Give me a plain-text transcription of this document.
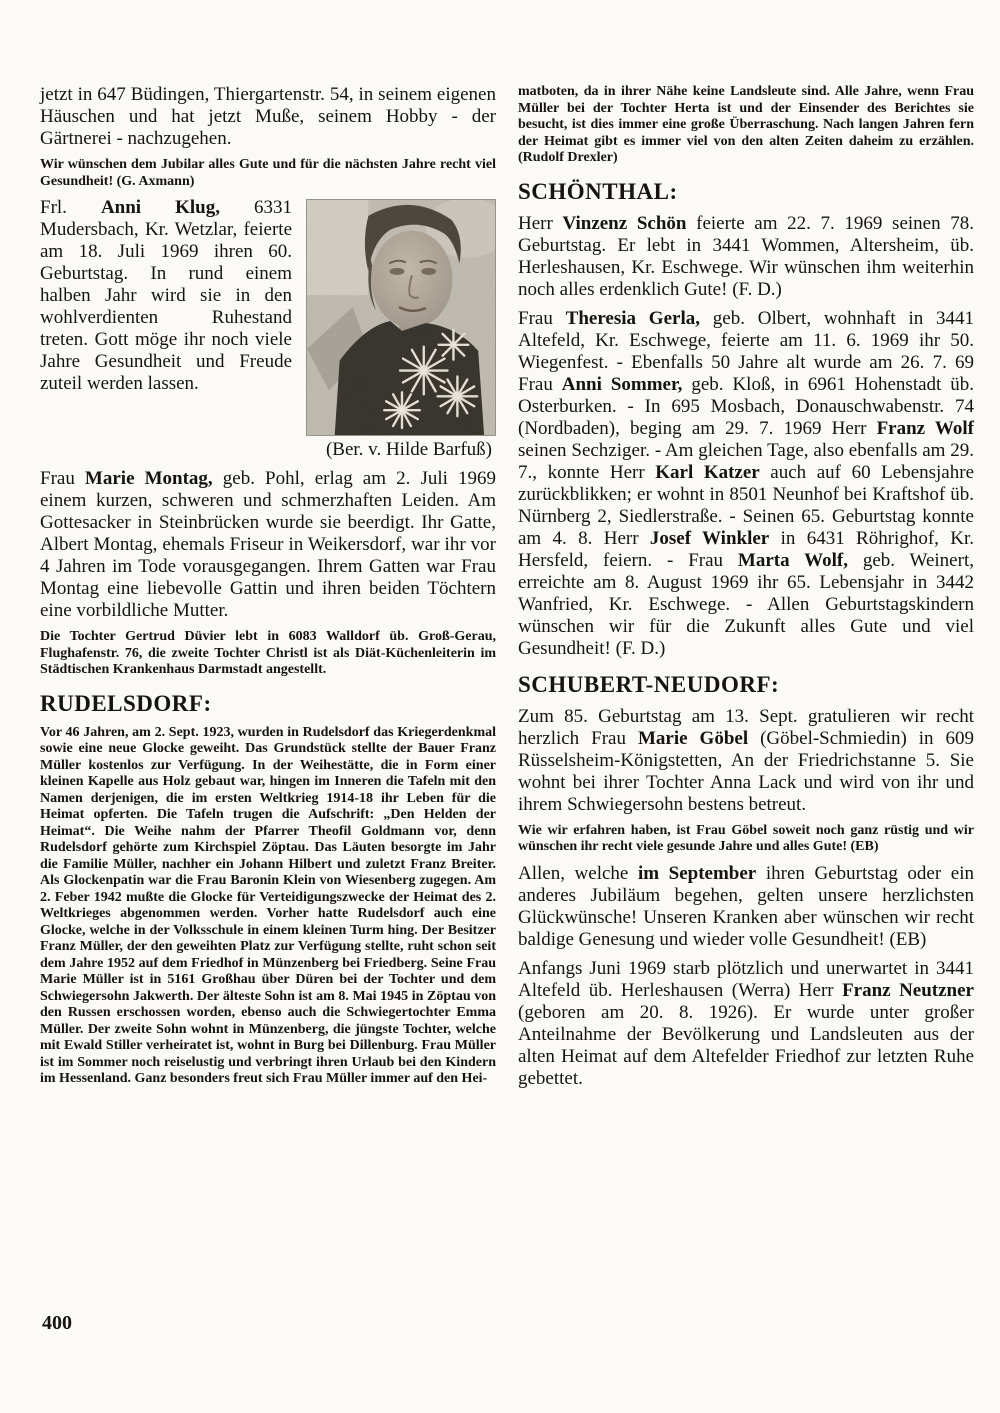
jetzt in 647 Büdingen, Thiergartenstr. 54, in seinem eigenen Häuschen und hat jetzt Muße, seinem Hobby - der Gärtnerei - nachzugehen.

Wir wünschen dem Jubilar alles Gute und für die nächsten Jahre recht viel Gesundheit! (G. Axmann)

Frl. Anni Klug, 6331 Mudersbach, Kr. Wetzlar, feierte am 18. Juli 1969 ihren 60. Geburtstag. In rund einem halben Jahr wird sie in den wohlverdienten Ruhestand treten. Gott möge ihr noch viele Jahre Gesundheit und Freude zuteil werden lassen.

(Ber. v. Hilde Barfuß)

Frau Marie Montag, geb. Pohl, erlag am 2. Juli 1969 einem kurzen, schweren und schmerzhaften Leiden. Am Gottesacker in Steinbrücken wurde sie beerdigt. Ihr Gatte, Albert Montag, ehemals Friseur in Weikersdorf, war ihr vor 4 Jahren im Tode vorausgegangen. Ihrem Gatten war Frau Montag eine liebevolle Gattin und ihren beiden Töchtern eine vorbildliche Mutter.

Die Tochter Gertrud Düvier lebt in 6083 Walldorf üb. Groß-Gerau, Flughafenstr. 76, die zweite Tochter Christl ist als Diät-Küchenleiterin im Städtischen Krankenhaus Darmstadt angestellt.

RUDELSDORF:

Vor 46 Jahren, am 2. Sept. 1923, wurden in Rudelsdorf das Kriegerdenkmal sowie eine neue Glocke geweiht. Das Grundstück stellte der Bauer Franz Müller kostenlos zur Verfügung. In der Weihestätte, die in Form einer kleinen Kapelle aus Holz gebaut war, hingen im Inneren die Tafeln mit den Namen derjenigen, die im ersten Weltkrieg 1914-18 ihr Leben für die Heimat opferten. Die Tafeln trugen die Aufschrift: „Den Helden der Heimat“. Die Weihe nahm der Pfarrer Theofil Goldmann vor, denn Rudelsdorf gehörte zum Kirchspiel Zöptau. Das Läuten besorgte im Jahr die Familie Müller, nachher ein Johann Hilbert und zuletzt Franz Breiter. Als Glockenpatin war die Frau Baronin Klein von Wiesenberg zugegen. Am 2. Feber 1942 mußte die Glocke für Verteidigungszwecke der Heimat des 2. Weltkrieges abgenommen werden. Vorher hatte Rudelsdorf auch eine Glocke, welche in der Volksschule in einem kleinen Turm hing. Der Besitzer Franz Müller, der den geweihten Platz zur Verfügung stellte, ruht schon seit dem Jahre 1952 auf dem Friedhof in Münzenberg bei Friedberg. Seine Frau Marie Müller ist in 5161 Großhau über Düren bei der Tochter und dem Schwiegersohn Jakwerth. Der älteste Sohn ist am 8. Mai 1945 in Zöptau von den Russen erschossen worden, ebenso auch die Schwiegertochter Emma Müller. Der zweite Sohn wohnt in Münzenberg, die jüngste Tochter, welche mit Ewald Stiller verheiratet ist, wohnt in Burg bei Dillenburg. Frau Müller ist im Sommer noch reiselustig und verbringt ihren Urlaub bei den Kindern im Hessenland. Ganz besonders freut sich Frau Müller immer auf den Hei-

matboten, da in ihrer Nähe keine Landsleute sind. Alle Jahre, wenn Frau Müller bei der Tochter Herta ist und der Einsender des Berichtes sie besucht, ist dies immer eine große Überraschung. Nach langen Jahren fern der Heimat gibt es immer viel von den alten Zeiten daheim zu erzählen. (Rudolf Drexler)

SCHÖNTHAL:

Herr Vinzenz Schön feierte am 22. 7. 1969 seinen 78. Geburtstag. Er lebt in 3441 Wommen, Altersheim, üb. Herleshausen, Kr. Eschwege. Wir wünschen ihm weiterhin noch alles erdenklich Gute! (F. D.)

Frau Theresia Gerla, geb. Olbert, wohnhaft in 3441 Altefeld, Kr. Eschwege, feierte am 11. 6. 1969 ihr 50. Wiegenfest. - Ebenfalls 50 Jahre alt wurde am 26. 7. 69 Frau Anni Sommer, geb. Kloß, in 6961 Hohenstadt üb. Osterburken. - In 695 Mosbach, Donauschwabenstr. 74 (Nordbaden), beging am 29. 7. 1969 Herr Franz Wolf seinen Sechziger. - Am gleichen Tage, also ebenfalls am 29. 7., konnte Herr Karl Katzer auch auf 60 Lebensjahre zurückblikken; er wohnt in 8501 Neunhof bei Kraftshof üb. Nürnberg 2, Siedlerstraße. - Seinen 65. Geburtstag konnte am 4. 8. Herr Josef Winkler in 6431 Röhrighof, Kr. Hersfeld, feiern. - Frau Marta Wolf, geb. Weinert, erreichte am 8. August 1969 ihr 65. Lebensjahr in 3442 Wanfried, Kr. Eschwege. - Allen Geburtstagskindern wünschen wir für die Zukunft alles Gute und viel Gesundheit! (F. D.)

SCHUBERT-NEUDORF:

Zum 85. Geburtstag am 13. Sept. gratulieren wir recht herzlich Frau Marie Göbel (Göbel-Schmiedin) in 609 Rüsselsheim-Königstetten, An der Friedrichstanne 5. Sie wohnt bei ihrer Tochter Anna Lack und wird von ihr und ihrem Schwiegersohn bestens betreut.

Wie wir erfahren haben, ist Frau Göbel soweit noch ganz rüstig und wir wünschen ihr recht viele gesunde Jahre und alles Gute! (EB)

Allen, welche im September ihren Geburtstag oder ein anderes Jubiläum begehen, gelten unsere herzlichsten Glückwünsche! Unseren Kranken aber wünschen wir recht baldige Genesung und wieder volle Gesundheit! (EB)

Anfangs Juni 1969 starb plötzlich und unerwartet in 3441 Altefeld üb. Herleshausen (Werra) Herr Franz Neutzner (geboren am 20. 8. 1926). Er wurde unter großer Anteilnahme der Bevölkerung und Landsleuten aus der alten Heimat auf dem Altefelder Friedhof zur letzten Ruhe gebettet.

400
